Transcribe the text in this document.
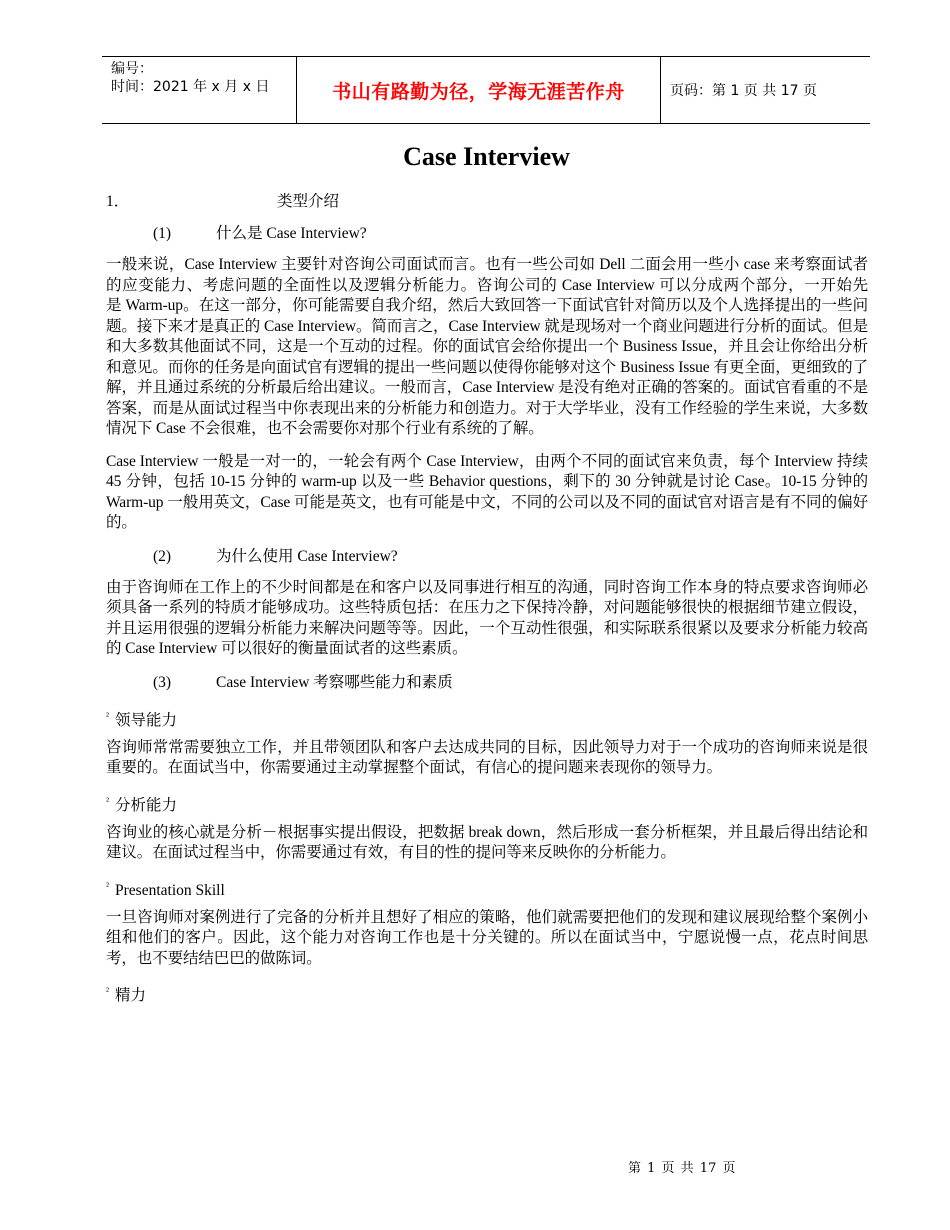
编号：
时间：2021 年 x 月 x 日	书山有路勤为径，学海无涯苦作舟	页码：第 1 页 共 17 页
Case Interview
1．	类型介绍
(1)	什么是 Case Interview?

一般来说，Case Interview 主要针对咨询公司面试而言。也有一些公司如 Dell 二面会用一些小 case 来考察面试者的应变能力、考虑问题的全面性以及逻辑分析能力。咨询公司的 Case Interview 可以分成两个部分，一开始先                    是 Warm-up。在这一部分，你可能需要自我介绍，然后大致回答一下面试官针对简历以及个人选择提出的一些问题。接下来才是真正的 Case Interview。简而言之，Case Interview 就是现场对一个商业问题进行分析的面试。但是和大多数其他面试不同，这是一个互动的过程。你的面试官会给你提出一个 Business Issue，并且会让你给出分析和意见。而你的任务是向面试官有逻辑的提出一些问题以使得你能够对这个 Business Issue 有更全面，更细致的了解，并且通过系统的分析最后给出建议。一般而言，Case Interview 是没有绝对正确的答案的。面试官看重的不是答案，而是从面试过程当中你表现出来的分析能力和创造力。对于大学毕业，没有工作经验的学生来说，大多数情况下 Case 不会很难，也不会需要你对那个行业有系统的了解。

Case Interview 一般是一对一的，一轮会有两个 Case Interview，由两个不同的面试官来负责，每个 Interview 持续 45 分钟，包括 10-15 分钟的 warm-up 以及一些 Behavior questions，剩下的 30 分钟就是讨论 Case。10-15 分钟的 Warm-up 一般用英文，Case 可能是英文，也有可能是中文，不同的公司以及不同的面试官对语言是有不同的偏好的。

(2)	为什么使用 Case Interview?

由于咨询师在工作上的不少时间都是在和客户以及同事进行相互的沟通，同时咨询工作本身的特点要求咨询师必须具备一系列的特质才能够成功。这些特质包括：在压力之下保持冷静，对问题能够很快的根据细节建立假设，并且运用很强的逻辑分析能力来解决问题等等。因此，一个互动性很强，和实际联系很紧以及要求分析能力较高的 Case Interview 可以很好的衡量面试者的这些素质。

(3)	Case Interview 考察哪些能力和素质
$^{^2}$ 领导能力

咨询师常常需要独立工作，并且带领团队和客户去达成共同的目标，因此领导力对于一个成功的咨询师来说是很重要的。在面试当中，你需要通过主动掌握整个面试，有信心的提问题来表现你的领导力。

$^{^2}$ 分析能力

咨询业的核心就是分析－根据事实提出假设，把数据 break down，然后形成一套分析框架，并且最后得出结论和建议。在面试过程当中，你需要通过有效，有目的性的提问等来反映你的分析能力。

$^{^2}$ Presentation Skill

一旦咨询师对案例进行了完备的分析并且想好了相应的策略，他们就需要把他们的发现和建议展现给整个案例小组和他们的客户。因此，这个能力对咨询工作也是十分关键的。所以在面试当中，宁愿说慢一点，花点时间思考，也不要结结巴巴的做陈词。

$^{^2}$ 精力
第 1 页 共 17 页
